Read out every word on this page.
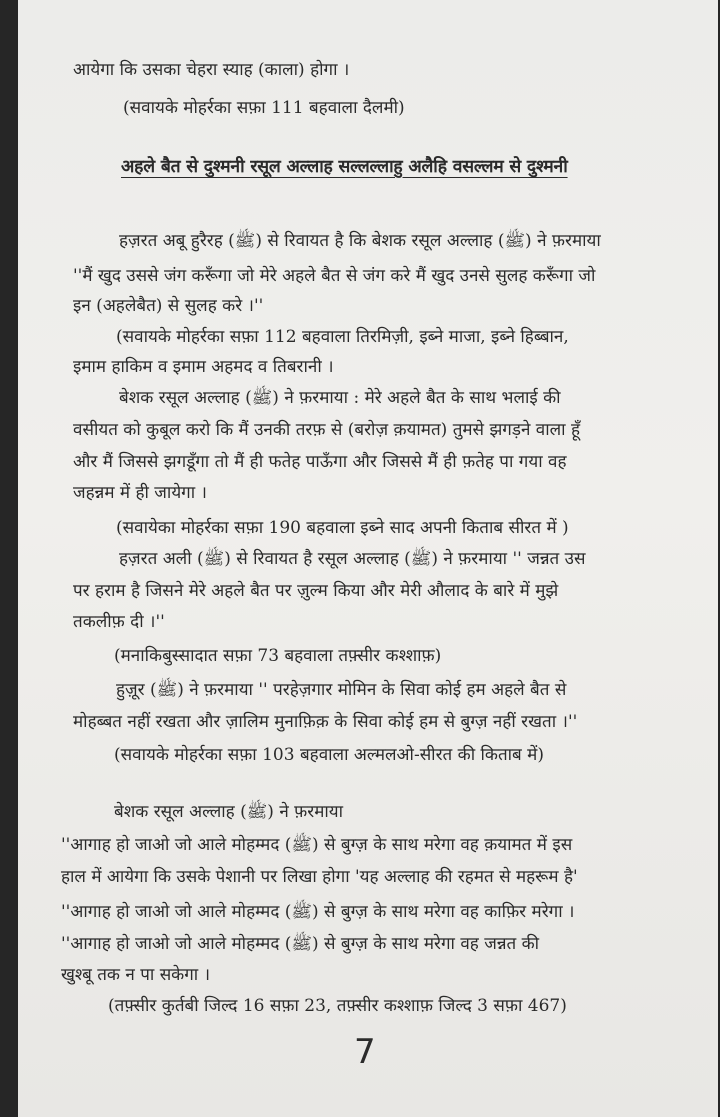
आयेगा कि उसका चेहरा स्याह (काला) होगा ।
(सवायके मोहर्रका सफ़ा 111 बहवाला दैलमी)
अहले बैत से दुश्मनी रसूल अल्लाह सल्लल्लाहु अलैहि वसल्लम से दुश्मनी
हज़रत अबू हुरैरह (ﷺ) से रिवायत है कि बेशक रसूल अल्लाह (ﷺ) ने फ़रमाया
''मैं खुद उससे जंग करूँगा जो मेरे अहले बैत से जंग करे मैं खुद उनसे सुलह करूँगा जो
इन (अहलेबैत) से सुलह करे ।''
(सवायके मोहर्रका सफ़ा 112 बहवाला तिरमिज़ी, इब्ने माजा, इब्ने हिब्बान,
इमाम हाकिम व इमाम अहमद व तिबरानी ।
बेशक रसूल अल्लाह (ﷺ) ने फ़रमाया : मेरे अहले बैत के साथ भलाई की
वसीयत को कुबूल करो कि मैं उनकी तरफ़ से (बरोज़ क़यामत) तुमसे झगड़ने वाला हूँ
और मैं जिससे झगडूँगा तो मैं ही फतेह पाऊँगा और जिससे मैं ही फ़तेह पा गया वह
जहन्नम में ही जायेगा ।
(सवायेका मोहर्रका सफ़ा 190 बहवाला इब्ने साद अपनी किताब सीरत में )
हज़रत अली (ﷺ) से रिवायत है रसूल अल्लाह (ﷺ) ने फ़रमाया '' जन्नत उस
पर हराम है जिसने मेरे अहले बैत पर ज़ुल्म किया और मेरी औलाद के बारे में मुझे
तकलीफ़ दी ।''
(मनाकिबुस्सादात सफ़ा 73 बहवाला तफ़्सीर कश्शाफ़)
हुज़ूर (ﷺ) ने फ़रमाया '' परहेज़गार मोमिन के सिवा कोई हम अहले बैत से
मोहब्बत नहीं रखता और ज़ालिम मुनाफ़िक़ के सिवा कोई हम से बुग्ज़ नहीं रखता ।''
(सवायके मोहर्रका सफ़ा 103 बहवाला अल्मलओ-सीरत की किताब में)
बेशक रसूल अल्लाह (ﷺ) ने फ़रमाया
''आगाह हो जाओ जो आले मोहम्मद (ﷺ) से बुग्ज़ के साथ मरेगा वह क़यामत में इस
हाल में आयेगा कि उसके पेशानी पर लिखा होगा 'यह अल्लाह की रहमत से महरूम है'
''आगाह हो जाओ जो आले मोहम्मद (ﷺ) से बुग्ज़ के साथ मरेगा वह काफ़िर मरेगा ।
''आगाह हो जाओ जो आले मोहम्मद (ﷺ) से बुग्ज़ के साथ मरेगा वह जन्नत की
खुश्बू तक न पा सकेगा ।
(तफ़्सीर कुर्तबी जिल्द 16 सफ़ा 23, तफ़्सीर कश्शाफ़ जिल्द 3 सफ़ा 467)
7
